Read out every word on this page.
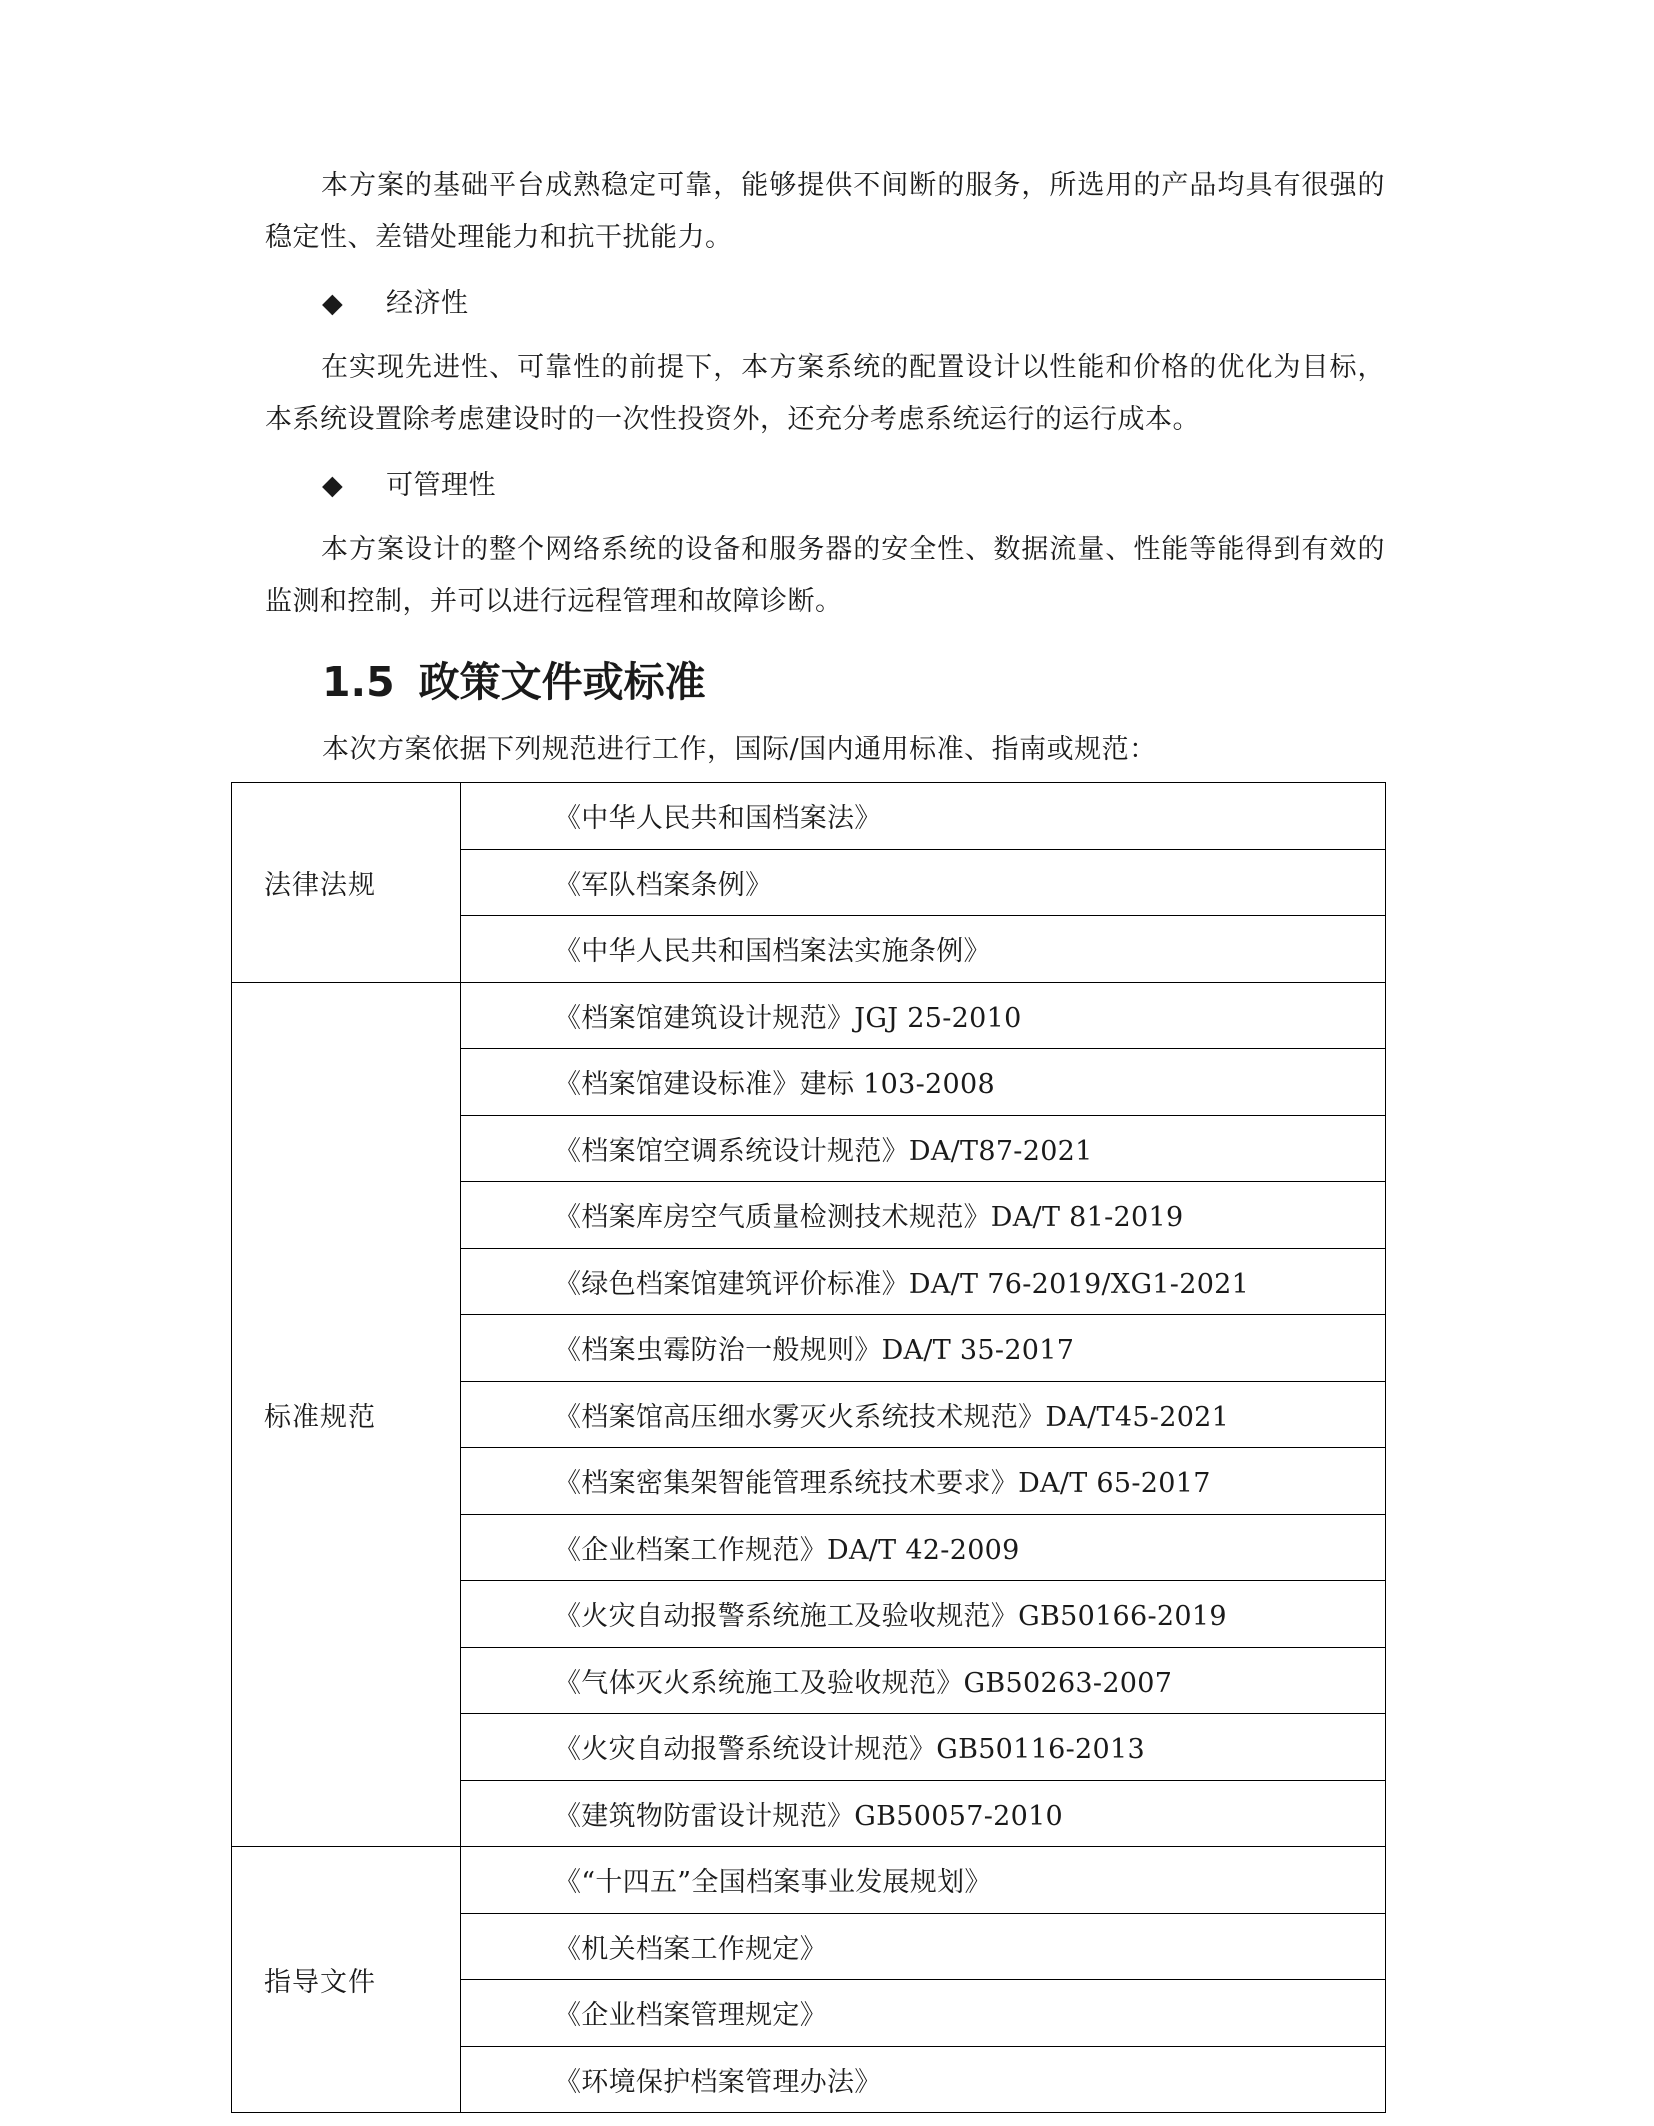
本方案的基础平台成熟稳定可靠，能够提供不间断的服务，所选用的产品均具有很强的稳定性、差错处理能力和抗干扰能力。

◆ 经济性

在实现先进性、可靠性的前提下，本方案系统的配置设计以性能和价格的优化为目标，本系统设置除考虑建设时的一次性投资外，还充分考虑系统运行的运行成本。

◆ 可管理性

本方案设计的整个网络系统的设备和服务器的安全性、数据流量、性能等能得到有效的监测和控制，并可以进行远程管理和故障诊断。

1.5 政策文件或标准

本次方案依据下列规范进行工作，国际/国内通用标准、指南或规范：

法律法规	《中华人民共和国档案法》
	《军队档案条例》
	《中华人民共和国档案法实施条例》
标准规范	《档案馆建筑设计规范》JGJ 25-2010
	《档案馆建设标准》建标 103-2008
	《档案馆空调系统设计规范》DA/T87-2021
	《档案库房空气质量检测技术规范》DA/T 81-2019
	《绿色档案馆建筑评价标准》DA/T 76-2019/XG1-2021
	《档案虫霉防治一般规则》DA/T 35-2017
	《档案馆高压细水雾灭火系统技术规范》DA/T45-2021
	《档案密集架智能管理系统技术要求》DA/T 65-2017
	《企业档案工作规范》DA/T 42-2009
	《火灾自动报警系统施工及验收规范》GB50166-2019
	《气体灭火系统施工及验收规范》GB50263-2007
	《火灾自动报警系统设计规范》GB50116-2013
	《建筑物防雷设计规范》GB50057-2010
指导文件	《“十四五”全国档案事业发展规划》
	《机关档案工作规定》
	《企业档案管理规定》
	《环境保护档案管理办法》
